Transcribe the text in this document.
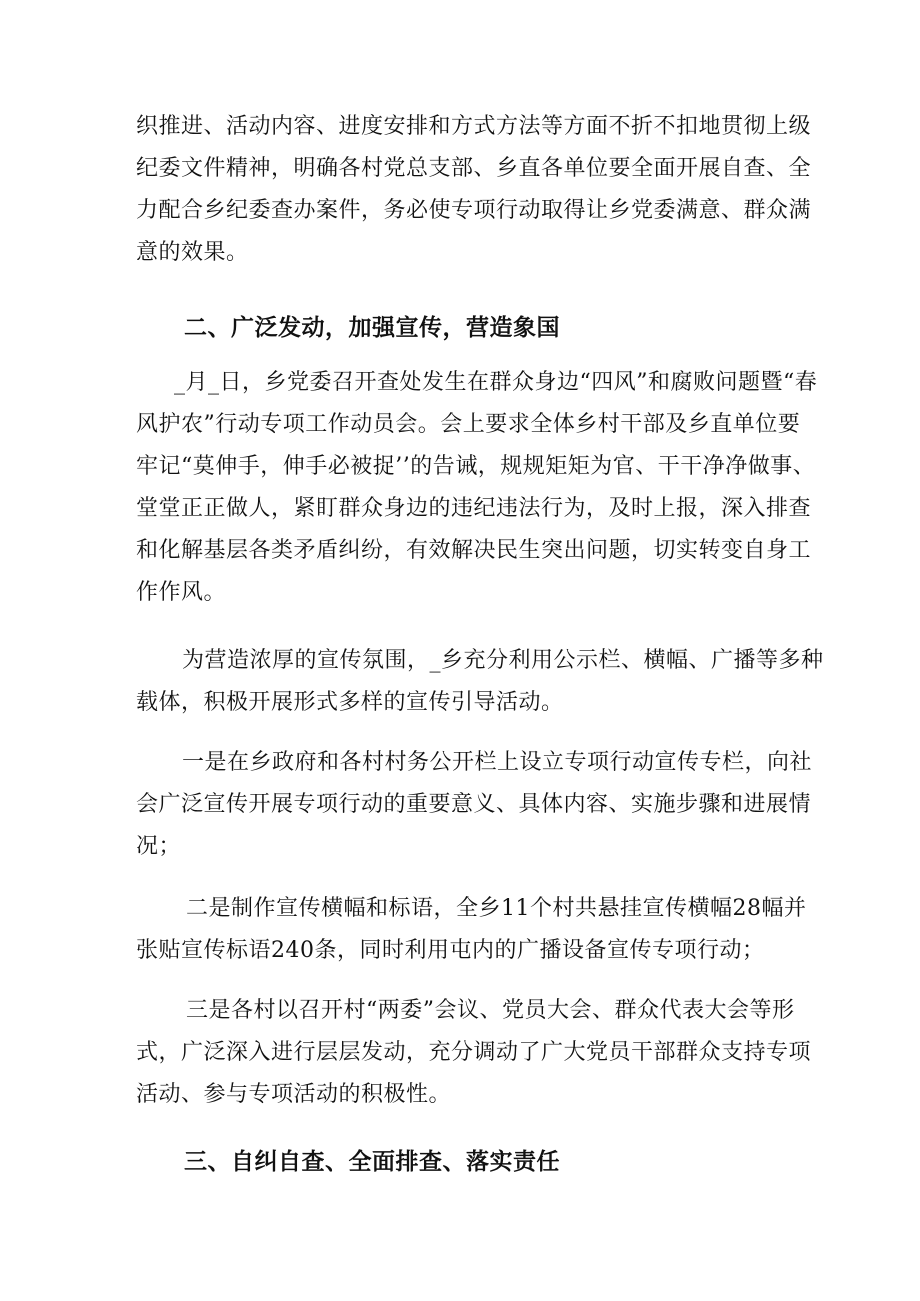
织推进、活动内容、进度安排和方式方法等方面不折不扣地贯彻上级
纪委文件精神，明确各村党总支部、乡直各单位要全面开展自查、全
力配合乡纪委查办案件，务必使专项行动取得让乡党委满意、群众满
意的效果。
二、广泛发动，加强宣传，营造象国
_月_日，乡党委召开查处发生在群众身边“四风”和腐败问题暨“春
风护农”行动专项工作动员会。会上要求全体乡村干部及乡直单位要
牢记“莫伸手，伸手必被捉’’的告诫，规规矩矩为官、干干净净做事、
堂堂正正做人，紧盯群众身边的违纪违法行为，及时上报，深入排查
和化解基层各类矛盾纠纷，有效解决民生突出问题，切实转变自身工
作作风。
为营造浓厚的宣传氛围，_乡充分利用公示栏、横幅、广播等多种
载体，积极开展形式多样的宣传引导活动。
一是在乡政府和各村村务公开栏上设立专项行动宣传专栏，向社
会广泛宣传开展专项行动的重要意义、具体内容、实施步骤和进展情
况；
二是制作宣传横幅和标语，全乡11个村共悬挂宣传横幅28幅并
张贴宣传标语240条，同时利用屯内的广播设备宣传专项行动；
三是各村以召开村“两委”会议、党员大会、群众代表大会等形
式，广泛深入进行层层发动，充分调动了广大党员干部群众支持专项
活动、参与专项活动的积极性。
三、自纠自查、全面排查、落实责任
